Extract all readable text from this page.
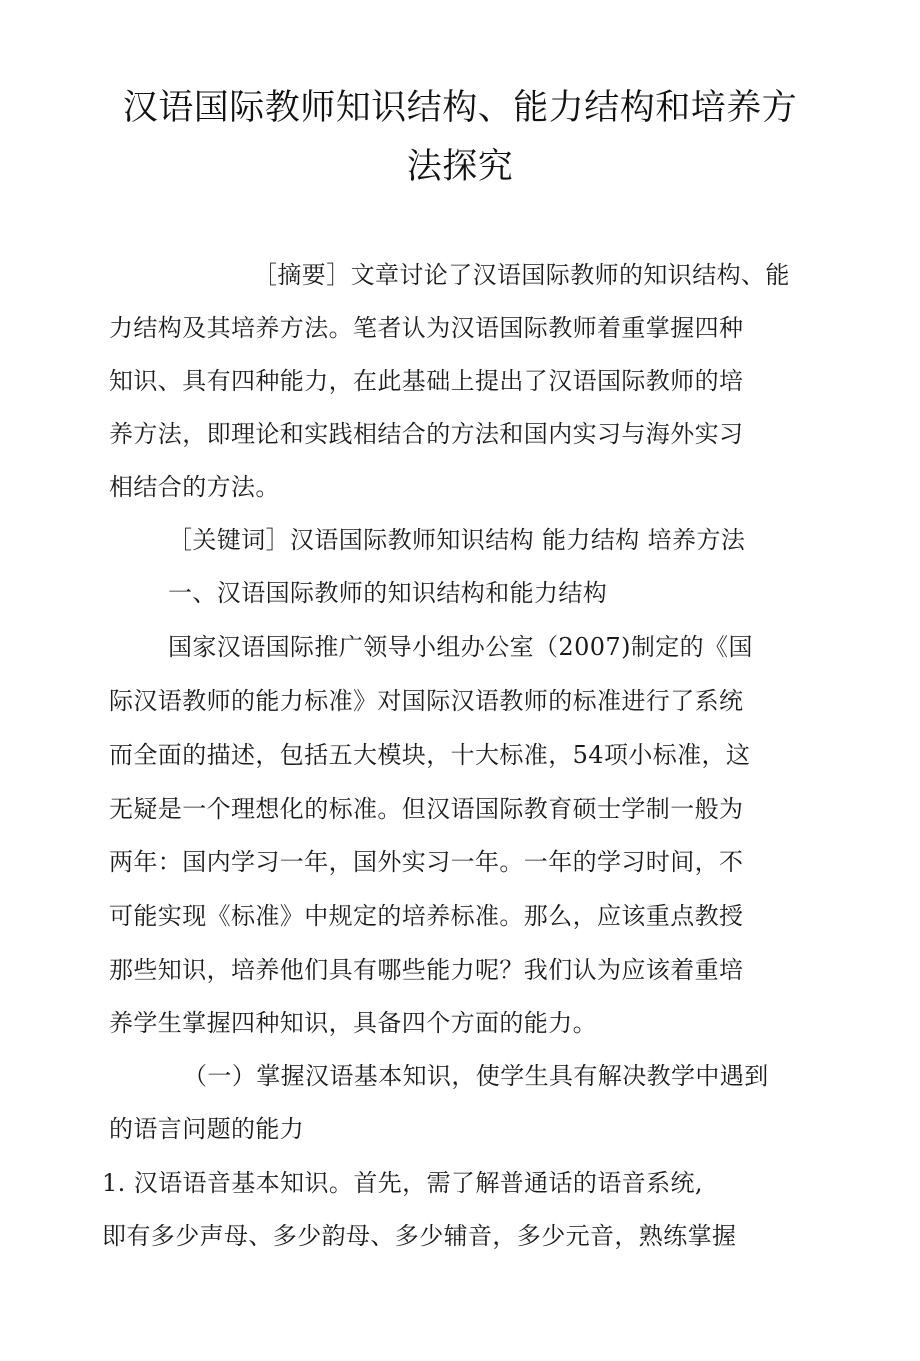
汉语国际教师知识结构、能力结构和培养方
法探究
［摘要］文章讨论了汉语国际教师的知识结构、能
力结构及其培养方法。笔者认为汉语国际教师着重掌握四种
知识、具有四种能力，在此基础上提出了汉语国际教师的培
养方法，即理论和实践相结合的方法和国内实习与海外实习
相结合的方法。
［关键词］汉语国际教师知识结构 能力结构 培养方法
一、汉语国际教师的知识结构和能力结构
国家汉语国际推广领导小组办公室（2007)制定的《国
际汉语教师的能力标准》对国际汉语教师的标准进行了系统
而全面的描述，包括五大模块，十大标准，54项小标准，这
无疑是一个理想化的标准。但汉语国际教育硕士学制一般为
两年：国内学习一年，国外实习一年。一年的学习时间，不
可能实现《标准》中规定的培养标准。那么，应该重点教授
那些知识，培养他们具有哪些能力呢？我们认为应该着重培
养学生掌握四种知识，具备四个方面的能力。
（一）掌握汉语基本知识，使学生具有解决教学中遇到
的语言问题的能力
1. 汉语语音基本知识。首先，需了解普通话的语音系统,
即有多少声母、多少韵母、多少辅音，多少元音，熟练掌握
